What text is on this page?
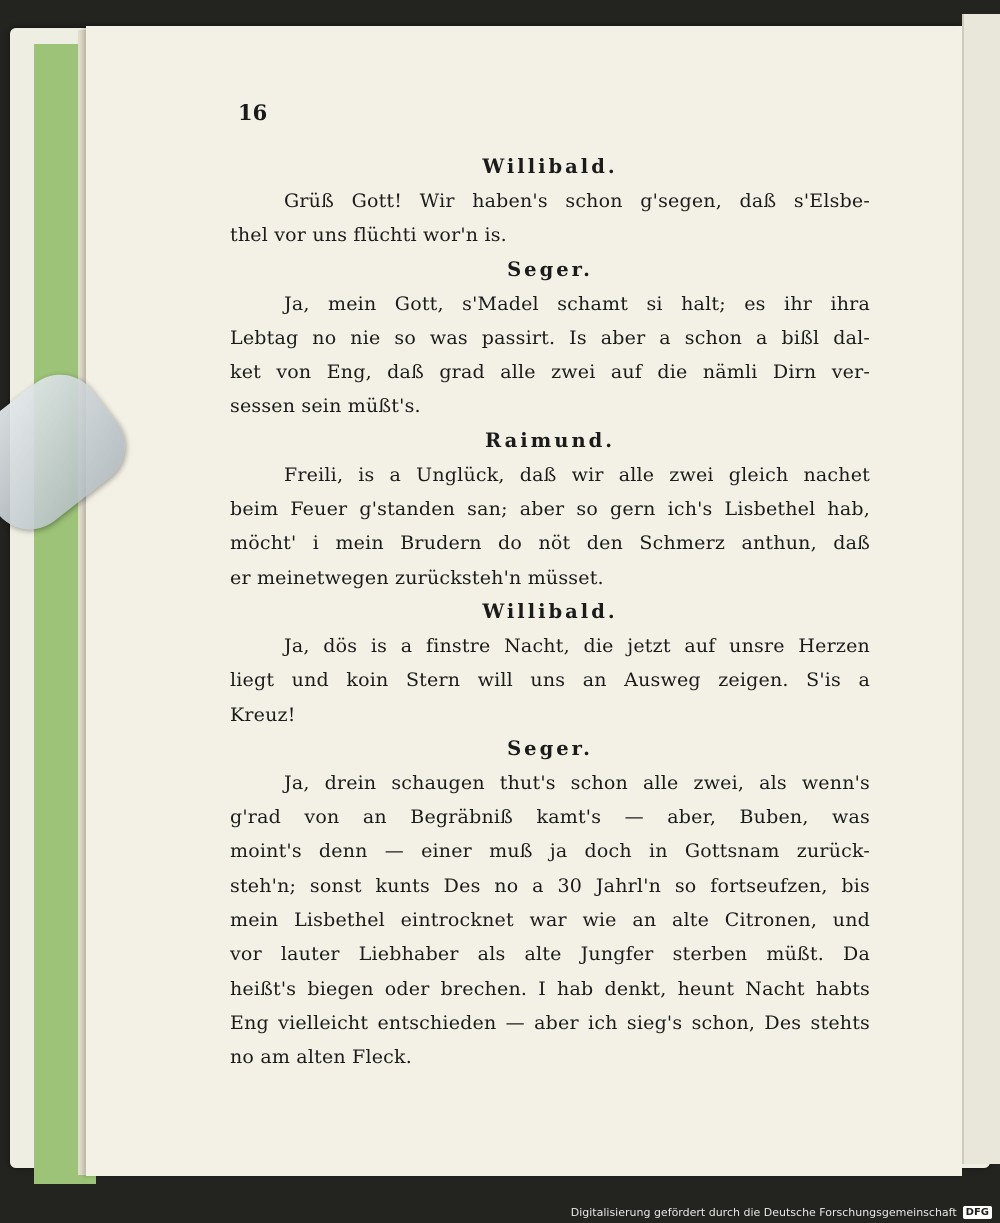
16
Willibald.
Grüß Gott! Wir haben's schon g'segen, daß s'Elsbe-
thel vor uns flüchti wor'n is.
Seger.
Ja, mein Gott, s'Madel schamt si halt; es ihr ihra
Lebtag no nie so was passirt. Is aber a schon a bißl dal-
ket von Eng, daß grad alle zwei auf die nämli Dirn ver-
sessen sein müßt's.
Raimund.
Freili, is a Unglück, daß wir alle zwei gleich nachet
beim Feuer g'standen san; aber so gern ich's Lisbethel hab,
möcht' i mein Brudern do nöt den Schmerz anthun, daß
er meinetwegen zurücksteh'n müsset.
Willibald.
Ja, dös is a finstre Nacht, die jetzt auf unsre Herzen
liegt und koin Stern will uns an Ausweg zeigen. S'is a
Kreuz!
Seger.
Ja, drein schaugen thut's schon alle zwei, als wenn's
g'rad von an Begräbniß kamt's — aber, Buben, was
moint's denn — einer muß ja doch in Gottsnam zurück-
steh'n; sonst kunts Des no a 30 Jahrl'n so fortseufzen, bis
mein Lisbethel eintrocknet war wie an alte Citronen, und
vor lauter Liebhaber als alte Jungfer sterben müßt. Da
heißt's biegen oder brechen. I hab denkt, heunt Nacht habts
Eng vielleicht entschieden — aber ich sieg's schon, Des stehts
no am alten Fleck.
Digitalisierung gefördert durch die Deutsche Forschungsgemeinschaft DFG
